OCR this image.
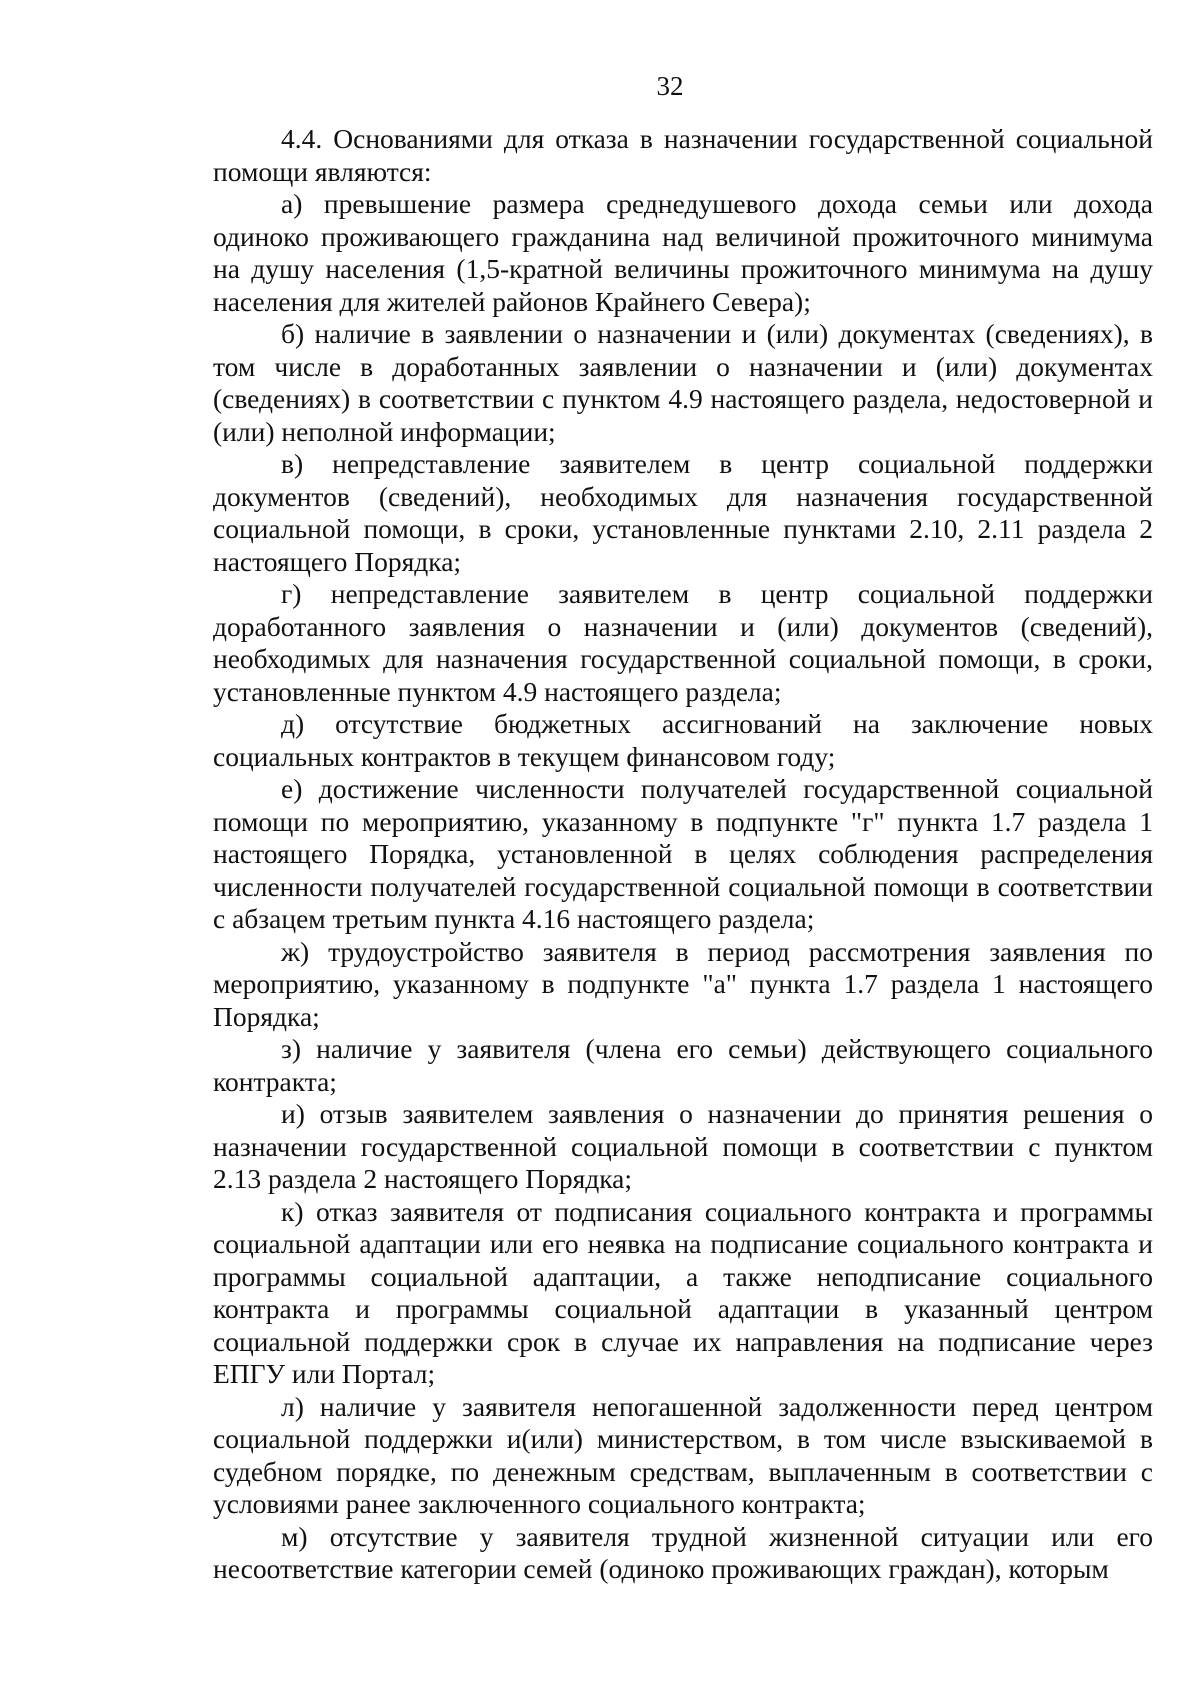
32

4.4. Основаниями для отказа в назначении государственной социальной помощи являются:

а) превышение размера среднедушевого дохода семьи или дохода одиноко проживающего гражданина над величиной прожиточного минимума на душу населения (1,5-кратной величины прожиточного минимума на душу населения для жителей районов Крайнего Севера);

б) наличие в заявлении о назначении и (или) документах (сведениях), в том числе в доработанных заявлении о назначении и (или) документах (сведениях) в соответствии с пунктом 4.9 настоящего раздела, недостоверной и (или) неполной информации;

в) непредставление заявителем в центр социальной поддержки документов (сведений), необходимых для назначения государственной социальной помощи, в сроки, установленные пунктами 2.10, 2.11 раздела 2 настоящего Порядка;

г) непредставление заявителем в центр социальной поддержки доработанного заявления о назначении и (или) документов (сведений), необходимых для назначения государственной социальной помощи, в сроки, установленные пунктом 4.9 настоящего раздела;

д) отсутствие бюджетных ассигнований на заключение новых социальных контрактов в текущем финансовом году;

е) достижение численности получателей государственной социальной помощи по мероприятию, указанному в подпункте "г" пункта 1.7 раздела 1 настоящего Порядка, установленной в целях соблюдения распределения численности получателей государственной социальной помощи в соответствии с абзацем третьим пункта 4.16 настоящего раздела;

ж) трудоустройство заявителя в период рассмотрения заявления по мероприятию, указанному в подпункте "а" пункта 1.7 раздела 1 настоящего Порядка;

з) наличие у заявителя (члена его семьи) действующего социального контракта;

и) отзыв заявителем заявления о назначении до принятия решения о назначении государственной социальной помощи в соответствии с пунктом 2.13 раздела 2 настоящего Порядка;

к) отказ заявителя от подписания социального контракта и программы социальной адаптации или его неявка на подписание социального контракта и программы социальной адаптации, а также неподписание социального контракта и программы социальной адаптации в указанный центром социальной поддержки срок в случае их направления на подписание через ЕПГУ или Портал;

л) наличие у заявителя непогашенной задолженности перед центром социальной поддержки и(или) министерством, в том числе взыскиваемой в судебном порядке, по денежным средствам, выплаченным в соответствии с условиями ранее заключенного социального контракта;

м) отсутствие у заявителя трудной жизненной ситуации или его несоответствие категории семей (одиноко проживающих граждан), которым
